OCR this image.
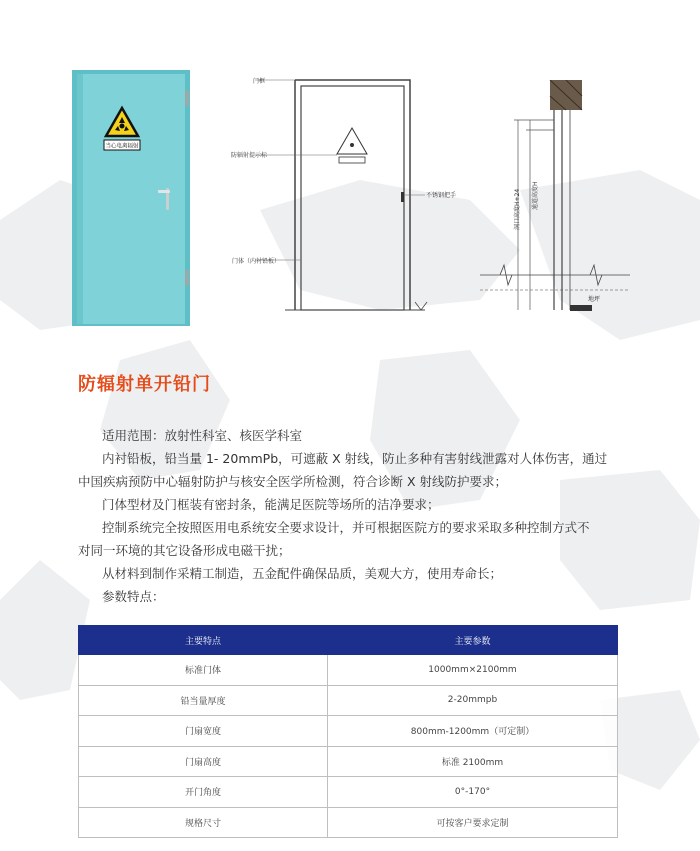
当心电离辐射
门框
防辐射提示标
不锈钢把手
门体（内衬铅板）
洞口高度H+24	通道高度H
地坪
防辐射单开铅门

适用范围：放射性科室、核医学科室

内衬铅板，铅当量 1- 20mmPb，可遮蔽 X 射线，防止多种有害射线泄露对人体伤害，通过

中国疾病预防中心辐射防护与核安全医学所检测，符合诊断 X 射线防护要求；

门体型材及门框装有密封条，能满足医院等场所的洁净要求；

控制系统完全按照医用电系统安全要求设计，并可根据医院方的要求采取多种控制方式不

对同一环境的其它设备形成电磁干扰；

从材料到制作采精工制造，五金配件确保品质，美观大方，使用寿命长；

参数特点：

主要特点	主要参数
标准门体	1000mm×2100mm
铅当量厚度	2-20mmpb
门扇宽度	800mm-1200mm（可定制）
门扇高度	标准 2100mm
开门角度	0°-170°
规格尺寸	可按客户要求定制
